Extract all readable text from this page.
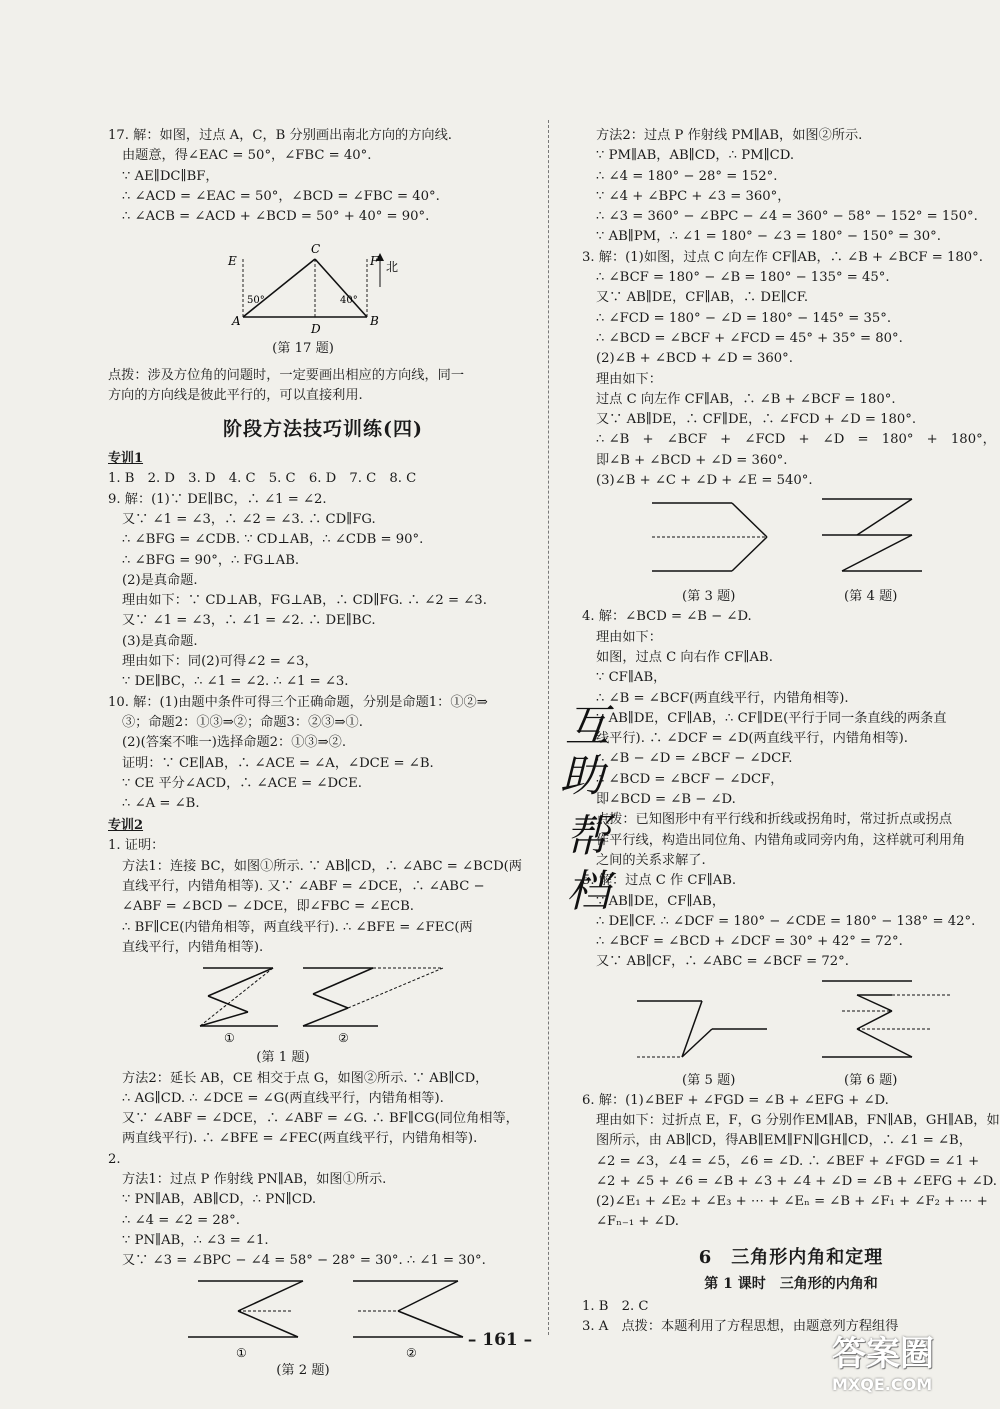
17. 解：如图，过点 A，C，B 分别画出南北方向的方向线.

由题意，得∠EAC = 50°，∠FBC = 40°.

∵ AE∥DC∥BF，

∴ ∠ACD = ∠EAC = 50°，∠BCD = ∠FBC = 40°.

∴ ∠ACB = ∠ACD + ∠BCD = 50° + 40° = 90°.

E
C
F
A
D
B
50°	40°
北

(第 17 题)

点拨：涉及方位角的问题时，一定要画出相应的方向线，同一

方向的方向线是彼此平行的，可以直接利用.

阶段方法技巧训练(四)
专训1

1. B　2. D　3. D　4. C　5. C　6. D　7. C　8. C

9. 解：(1)∵ DE∥BC，∴ ∠1 = ∠2.

又∵ ∠1 = ∠3，∴ ∠2 = ∠3. ∴ CD∥FG.

∴ ∠BFG = ∠CDB. ∵ CD⊥AB，∴ ∠CDB = 90°.

∴ ∠BFG = 90°，∴ FG⊥AB.

(2)是真命题.

理由如下：∵ CD⊥AB，FG⊥AB，∴ CD∥FG. ∴ ∠2 = ∠3.

又∵ ∠1 = ∠3，∴ ∠1 = ∠2. ∴ DE∥BC.

(3)是真命题.

理由如下：同(2)可得∠2 = ∠3，

∵ DE∥BC，∴ ∠1 = ∠2. ∴ ∠1 = ∠3.

10. 解：(1)由题中条件可得三个正确命题，分别是命题1：①②⇒

③；命题2：①③⇒②；命题3：②③⇒①.

(2)(答案不唯一)选择命题2：①③⇒②.

证明：∵ CE∥AB，∴ ∠ACE = ∠A，∠DCE = ∠B.

∵ CE 平分∠ACD，∴ ∠ACE = ∠DCE.

∴ ∠A = ∠B.

专训2

1. 证明：

方法1：连接 BC，如图①所示. ∵ AB∥CD，∴ ∠ABC = ∠BCD(两

直线平行，内错角相等). 又∵ ∠ABF = ∠DCE，∴ ∠ABC −

∠ABF = ∠BCD − ∠DCE，即∠FBC = ∠ECB.

∴ BF∥CE(内错角相等，两直线平行). ∴ ∠BFE = ∠FEC(两

直线平行，内错角相等).

①	②

(第 1 题)

方法2：延长 AB，CE 相交于点 G，如图②所示. ∵ AB∥CD，

∴ AG∥CD. ∴ ∠DCE = ∠G(两直线平行，内错角相等).

又∵ ∠ABF = ∠DCE，∴ ∠ABF = ∠G. ∴ BF∥CG(同位角相等，

两直线平行). ∴ ∠BFE = ∠FEC(两直线平行，内错角相等).

2.

方法1：过点 P 作射线 PN∥AB，如图①所示.

∵ PN∥AB，AB∥CD，∴ PN∥CD.

∴ ∠4 = ∠2 = 28°.

∵ PN∥AB，∴ ∠3 = ∠1.

又∵ ∠3 = ∠BPC − ∠4 = 58° − 28° = 30°. ∴ ∠1 = 30°.

①	②

(第 2 题)

方法2：过点 P 作射线 PM∥AB，如图②所示.

∵ PM∥AB，AB∥CD，∴ PM∥CD.

∴ ∠4 = 180° − 28° = 152°.

∵ ∠4 + ∠BPC + ∠3 = 360°，

∴ ∠3 = 360° − ∠BPC − ∠4 = 360° − 58° − 152° = 150°.

∵ AB∥PM，∴ ∠1 = 180° − ∠3 = 180° − 150° = 30°.

3. 解：(1)如图，过点 C 向左作 CF∥AB，∴ ∠B + ∠BCF = 180°.

∴ ∠BCF = 180° − ∠B = 180° − 135° = 45°.

又∵ AB∥DE，CF∥AB，∴ DE∥CF.

∴ ∠FCD = 180° − ∠D = 180° − 145° = 35°.

∴ ∠BCD = ∠BCF + ∠FCD = 45° + 35° = 80°.

(2)∠B + ∠BCD + ∠D = 360°.

理由如下：

过点 C 向左作 CF∥AB，∴ ∠B + ∠BCF = 180°.

又∵ AB∥DE，∴ CF∥DE，∴ ∠FCD + ∠D = 180°.

∴ ∠B　+　∠BCF　+　∠FCD　+　∠D　=　180°　+　180°，

即∠B + ∠BCD + ∠D = 360°.

(3)∠B + ∠C + ∠D + ∠E = 540°.

(第 3 题)	(第 4 题)

4. 解：∠BCD = ∠B − ∠D.

理由如下：

如图，过点 C 向右作 CF∥AB.

∵ CF∥AB，

∴ ∠B = ∠BCF(两直线平行，内错角相等).

∵ AB∥DE，CF∥AB，∴ CF∥DE(平行于同一条直线的两条直

线平行). ∴ ∠DCF = ∠D(两直线平行，内错角相等).

∴ ∠B − ∠D = ∠BCF − ∠DCF.

∴ ∠BCD = ∠BCF − ∠DCF，

即∠BCD = ∠B − ∠D.

点拨：已知图形中有平行线和折线或拐角时，常过折点或拐点

作平行线，构造出同位角、内错角或同旁内角，这样就可利用角

之间的关系求解了.

5. 解：过点 C 作 CF∥AB.

∵ AB∥DE，CF∥AB，

∴ DE∥CF. ∴ ∠DCF = 180° − ∠CDE = 180° − 138° = 42°.

∴ ∠BCF = ∠BCD + ∠DCF = 30° + 42° = 72°.

又∵ AB∥CF，∴ ∠ABC = ∠BCF = 72°.

(第 5 题)	(第 6 题)

6. 解：(1)∠BEF + ∠FGD = ∠B + ∠EFG + ∠D.

理由如下：过折点 E，F，G 分别作EM∥AB，FN∥AB，GH∥AB，如

图所示，由 AB∥CD，得AB∥EM∥FN∥GH∥CD，∴ ∠1 = ∠B，

∠2 = ∠3，∠4 = ∠5，∠6 = ∠D. ∴ ∠BEF + ∠FGD = ∠1 +

∠2 + ∠5 + ∠6 = ∠B + ∠3 + ∠4 + ∠D = ∠B + ∠EFG + ∠D.

(2)∠E₁ + ∠E₂ + ∠E₃ + ⋯ + ∠Eₙ = ∠B + ∠F₁ + ∠F₂ + ⋯ +

∠Fₙ₋₁ + ∠D.

6　三角形内角和定理
第 1 课时　三角形的内角和

1. B　2. C

3. A　点拨：本题利用了方程思想，由题意列方程组得

互
助
帮
档
– 161 –	答案圈
MXQE.COM
